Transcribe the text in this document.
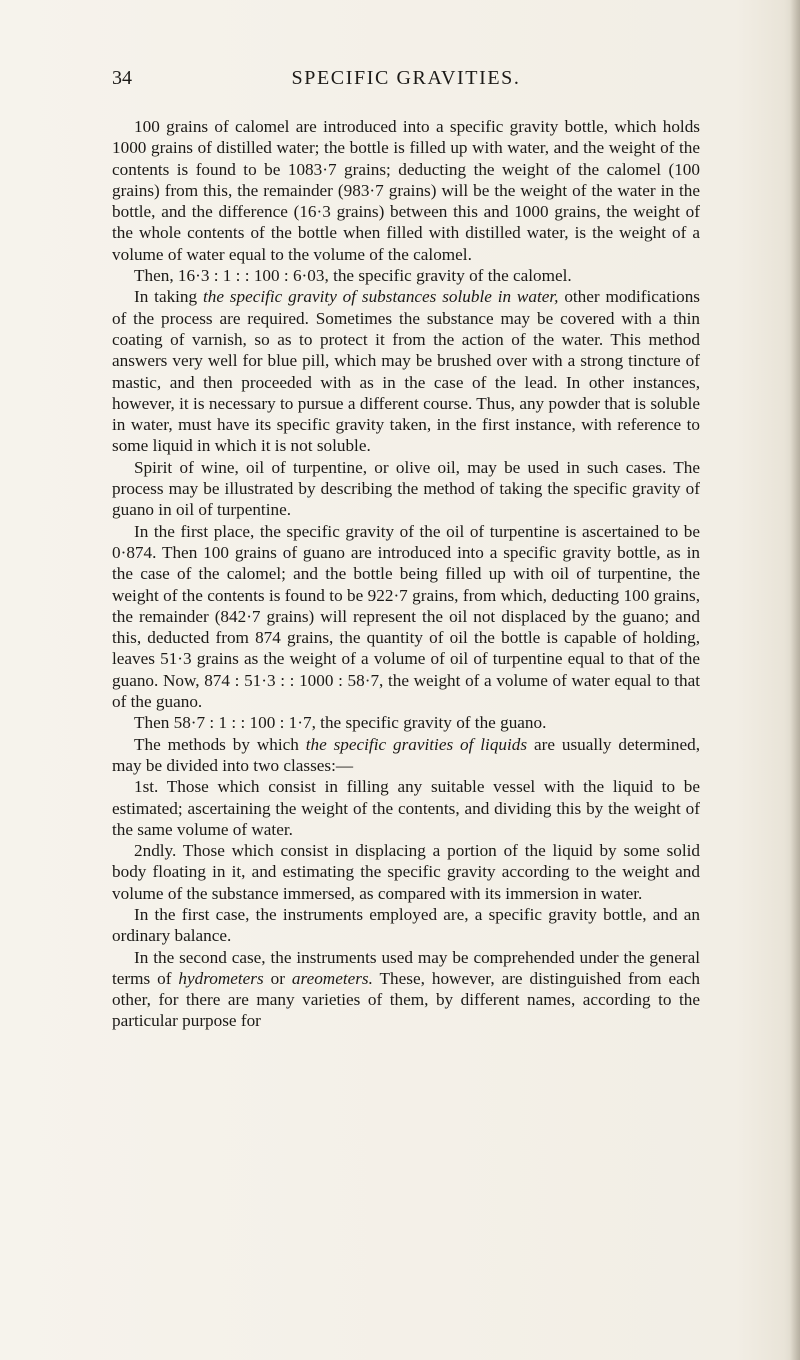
34	SPECIFIC GRAVITIES.

100 grains of calomel are introduced into a specific gravity bottle, which holds 1000 grains of distilled water; the bottle is filled up with water, and the weight of the contents is found to be 1083·7 grains; deducting the weight of the calomel (100 grains) from this, the remainder (983·7 grains) will be the weight of the water in the bottle, and the difference (16·3 grains) between this and 1000 grains, the weight of the whole contents of the bottle when filled with distilled water, is the weight of a volume of water equal to the volume of the calomel.

Then, 16·3 : 1 : : 100 : 6·03, the specific gravity of the calomel.

In taking the specific gravity of substances soluble in water, other modifications of the process are required. Sometimes the substance may be covered with a thin coating of varnish, so as to protect it from the action of the water. This method answers very well for blue pill, which may be brushed over with a strong tincture of mastic, and then proceeded with as in the case of the lead. In other instances, however, it is necessary to pursue a different course. Thus, any powder that is soluble in water, must have its specific gravity taken, in the first instance, with reference to some liquid in which it is not soluble.

Spirit of wine, oil of turpentine, or olive oil, may be used in such cases. The process may be illustrated by describing the method of taking the specific gravity of guano in oil of turpentine.

In the first place, the specific gravity of the oil of turpentine is ascertained to be 0·874. Then 100 grains of guano are introduced into a specific gravity bottle, as in the case of the calomel; and the bottle being filled up with oil of turpentine, the weight of the contents is found to be 922·7 grains, from which, deducting 100 grains, the remainder (842·7 grains) will represent the oil not displaced by the guano; and this, deducted from 874 grains, the quantity of oil the bottle is capable of holding, leaves 51·3 grains as the weight of a volume of oil of turpentine equal to that of the guano. Now, 874 : 51·3 : : 1000 : 58·7, the weight of a volume of water equal to that of the guano.

Then 58·7 : 1 : : 100 : 1·7, the specific gravity of the guano.

The methods by which the specific gravities of liquids are usually determined, may be divided into two classes:—

1st. Those which consist in filling any suitable vessel with the liquid to be estimated; ascertaining the weight of the contents, and dividing this by the weight of the same volume of water.

2ndly. Those which consist in displacing a portion of the liquid by some solid body floating in it, and estimating the specific gravity according to the weight and volume of the substance immersed, as compared with its immersion in water.

In the first case, the instruments employed are, a specific gravity bottle, and an ordinary balance.

In the second case, the instruments used may be comprehended under the general terms of hydrometers or areometers. These, however, are distinguished from each other, for there are many varieties of them, by different names, according to the particular purpose for
